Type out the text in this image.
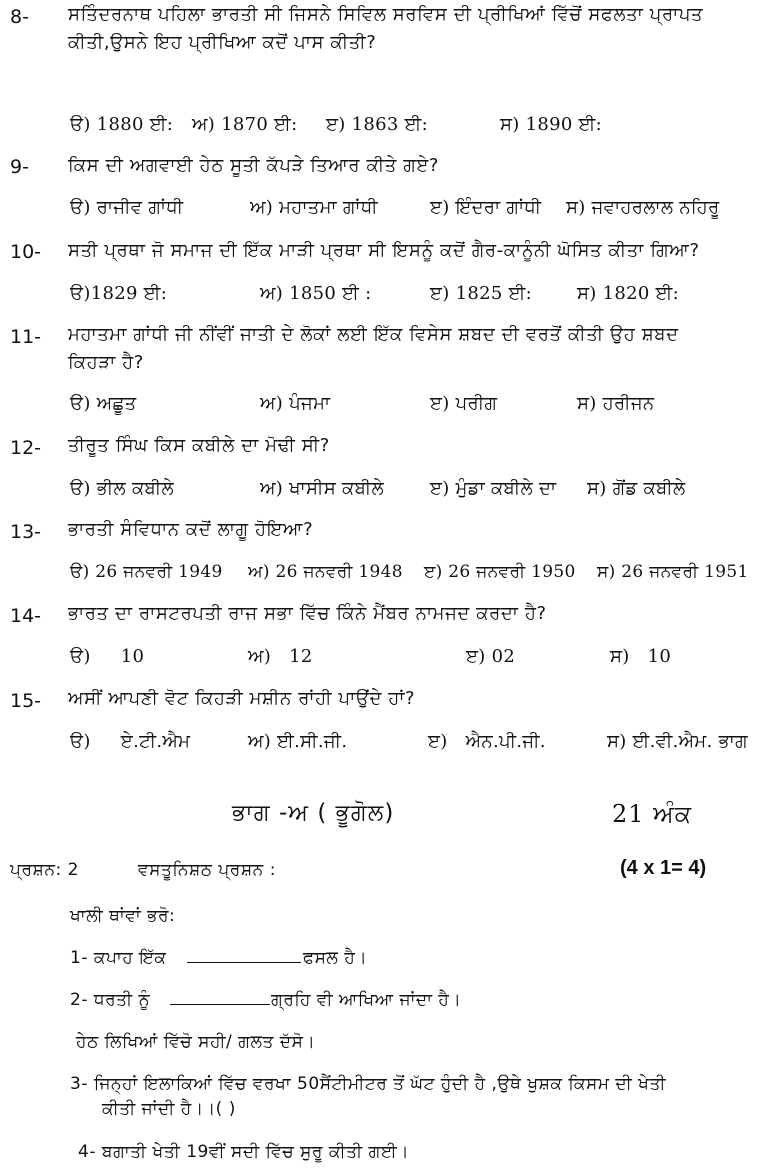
8- ਸਤਿੰਦਰਨਾਥ ਪਹਿਲਾ ਭਾਰਤੀ ਸੀ ਜਿਸਨੇ ਸਿਵਿਲ ਸਰਵਿਸ ਦੀ ਪ੍ਰੀਖਿਆਂ ਵਿੱਚੋਂ ਸਫਲਤਾ ਪ੍ਰਾਪਤ
ਕੀਤੀ,ਉਸਨੇ ਇਹ ਪ੍ਰੀਖਿਆ ਕਦੋਂ ਪਾਸ ਕੀਤੀ?
ੳ) 1880 ਈ: ਅ) 1870 ਈ: ੲ) 1863 ਈ:	ਸ) 1890 ਈ:
9- ਕਿਸ ਦੀ ਅਗਵਾਈ ਹੇਠ ਸੂਤੀ ਕੱਪੜੇ ਤਿਆਰ ਕੀਤੇ ਗਏ?
ੳ) ਰਾਜੀਵ ਗਾਂਧੀ	ਅ) ਮਹਾਤਮਾ ਗਾਂਧੀ	ੲ) ਇੰਦਰਾ ਗਾਂਧੀ ਸ) ਜਵਾਹਰਲਾਲ ਨਹਿਰੂ
10- ਸਤੀ ਪ੍ਰਥਾ ਜੋ ਸਮਾਜ ਦੀ ਇੱਕ ਮਾੜੀ ਪ੍ਰਥਾ ਸੀ ਇਸਨੂੰ ਕਦੋਂ ਗੈਰ-ਕਾਨੂੰਨੀ ਘੋਸਿਤ ਕੀਤਾ ਗਿਆ?
ੳ)1829 ਈ:	ਅ) 1850 ਈ :	ੲ) 1825 ਈ: ਸ) 1820 ਈ:
11- ਮਹਾਤਮਾ ਗਾਂਧੀ ਜੀ ਨੀਂਵੀਂ ਜਾਤੀ ਦੇ ਲੋਕਾਂ ਲਈ ਇੱਕ ਵਿਸੇਸ ਸ਼ਬਦ ਦੀ ਵਰਤੋਂ ਕੀਤੀ ਉਹ ਸ਼ਬਦ
ਕਿਹੜਾ ਹੈ?
ੳ) ਅਛੂਤ	ਅ) ਪੰਜਮਾ	ੲ) ਪਰੀਗ	ਸ) ਹਰੀਜਨ
12- ਤੀਰੂਤ ਸਿੰਘ ਕਿਸ ਕਬੀਲੇ ਦਾ ਮੋਢੀ ਸੀ?
ੳ) ਭੀਲ ਕਬੀਲੇ	ਅ) ਖਾਸੀਸ ਕਬੀਲੇ	ੲ) ਮੁੰਡਾ ਕਬੀਲੇ ਦਾ ਸ) ਗੋਂਡ ਕਬੀਲੇ
13- ਭਾਰਤੀ ਸੰਵਿਧਾਨ ਕਦੋਂ ਲਾਗੂ ਹੋਇਆ?
ੳ) 26 ਜਨਵਰੀ 1949 ਅ) 26 ਜਨਵਰੀ 1948 ੲ) 26 ਜਨਵਰੀ 1950 ਸ) 26 ਜਨਵਰੀ 1951
14- ਭਾਰਤ ਦਾ ਰਾਸਟਰਪਤੀ ਰਾਜ ਸਭਾ ਵਿੱਚ ਕਿੰਨੇ ਮੈਂਬਰ ਨਾਮਜਦ ਕਰਦਾ ਹੈ?
ੳ)     10	ਅ)   12	ੲ) 02	ਸ)   10
15- ਅਸੀਂ ਆਪਣੀ ਵੋਟ ਕਿਹੜੀ ਮਸ਼ੀਨ ਰਾਂਹੀ ਪਾਉਂਦੇ ਹਾਂ?
ੳ)     ਏ.ਟੀ.ਐਮ	ਅ) ਈ.ਸੀ.ਜੀ.	ੲ)   ਐਨ.ਪੀ.ਜੀ.	ਸ) ਈ.ਵੀ.ਐਮ. ਭਾਗ
ਭਾਗ -ਅ ( ਭੂਗੋਲ)	21 ਅੰਕ
ਪ੍ਰਸ਼ਨ: 2	ਵਸਤੂਨਿਸ਼ਠ ਪ੍ਰਸ਼ਨ :	(4 x 1= 4)
ਖਾਲੀ ਥਾਂਵਾਂ ਭਰੋ:
1- ਕਪਾਹ ਇੱਕ	ਫਸਲ ਹੈ।
2- ਧਰਤੀ ਨੂੰ	ਗ੍ਰਹਿ ਵੀ ਆਖਿਆ ਜਾਂਦਾ ਹੈ।
ਹੇਠ ਲਿਖਿਆਂ ਵਿੱਚੋ ਸਹੀ/ ਗਲਤ ਦੱਸੋ।
3- ਜਿਨ੍ਹਾਂ ਇਲਾਕਿਆਂ ਵਿੱਚ ਵਰਖਾ 50ਸੈਂਟੀਮੀਟਰ ਤੋਂ ਘੱਟ ਹੁੰਦੀ ਹੈ ,ਉਥੇ ਖੁਸ਼ਕ ਕਿਸਮ ਦੀ ਖੇਤੀ
ਕੀਤੀ ਜਾਂਦੀ ਹੈ।।( )
4- ਬਗਾਤੀ ਖੇਤੀ 19ਵੀਂ ਸਦੀ ਵਿੱਚ ਸੁਰੂ ਕੀਤੀ ਗਈ।
